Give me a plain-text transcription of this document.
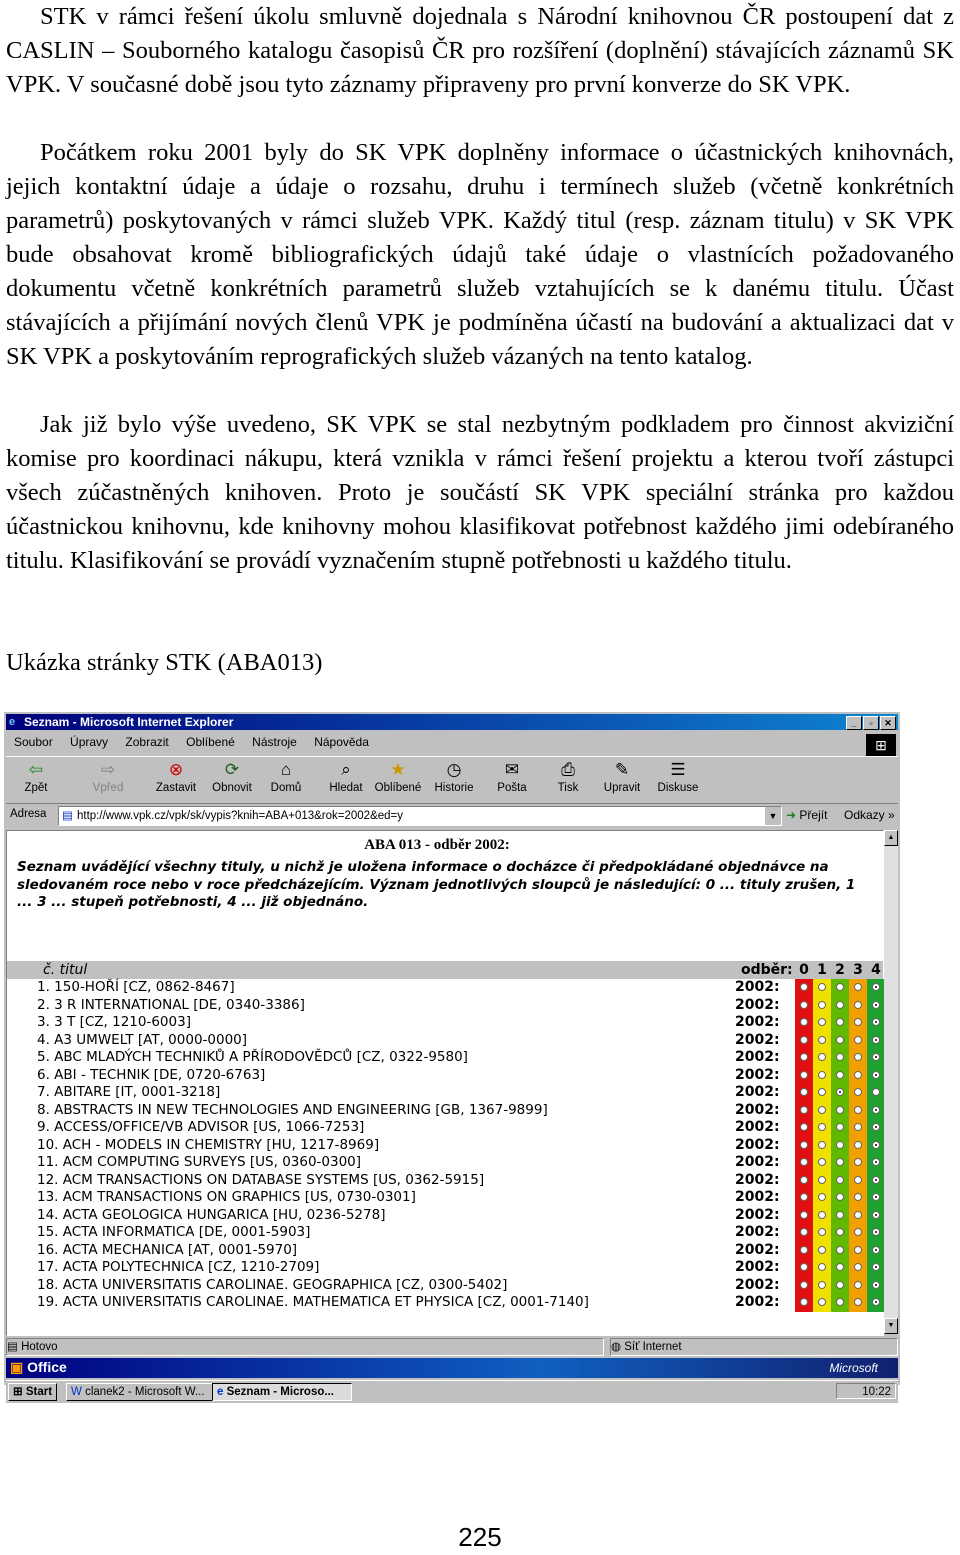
STK v rámci řešení úkolu smluvně dojednala s Národní knihovnou ČR postoupení dat z CASLIN – Souborného katalogu časopisů ČR pro rozšíření (doplnění) stávajících záznamů SK VPK. V současné době jsou tyto záznamy připraveny pro první konverze do SK VPK.

Počátkem roku 2001 byly do SK VPK doplněny informace o účastnických knihovnách, jejich kontaktní údaje a údaje o rozsahu, druhu i termínech služeb (včetně konkrétních parametrů) poskytovaných v rámci služeb VPK. Každý titul (resp. záznam titulu) v SK VPK bude obsahovat kromě bibliografických údajů také údaje o vlastnících požadovaného dokumentu včetně konkrétních parametrů služeb vztahujících se k danému titulu. Účast stávajících a přijímání nových členů VPK je podmíněna účastí na budování a aktualizaci dat v SK VPK a poskytováním reprografických služeb vázaných na tento katalog.

Jak již bylo výše uvedeno, SK VPK se stal nezbytným podkladem pro činnost akviziční komise pro koordinaci nákupu, která vznikla v rámci řešení projektu a kterou tvoří zástupci všech zúčastněných knihoven. Proto je součástí SK VPK speciální stránka pro každou účastnickou knihovnu, kde knihovny mohou klasifikovat potřebnost každého jimi odebíraného titulu. Klasifikování se provádí vyznačením stupně potřebnosti u každého titulu.

Ukázka stránky STK (ABA013)

e Seznam - Microsoft Internet Explorer	_ ▫ ✕
Soubor Úpravy Zobrazit Oblíbené Nástroje Nápověda	⊞
⇦
Zpět
⇨
Vpřed
⊗
Zastavit
⟳
Obnovit
⌂
Domů
⌕
Hledat
★
Oblíbené
◷
Historie
✉
Pošta
⎙
Tisk
✎
Upravit
☰
Diskuse
Adresa	▤ http://www.vpk.cz/vpk/sk/vypis?knih=ABA+013&rok=2002&ed=y	▼ ➜ Přejít Odkazy »
ABA 013 - odběr 2002:
Seznam uvádějící všechny tituly, u nichž je uložena informace o docházce či předpokládané objednávce na sledovaném roce nebo v roce předcházejícím. Význam jednotlivých sloupců je následující: 0 ... tituly zrušen, 1 ... 3 ... stupeň potřebnosti, 4 ... již objednáno.
č. titul	odběr: 0 1 2 3 4
1. 150-HOŘÍ [CZ, 0862-8467]	2002:
2. 3 R INTERNATIONAL [DE, 0340-3386]	2002:
3. 3 T [CZ, 1210-6003]	2002:
4. A3 UMWELT [AT, 0000-0000]	2002:
5. ABC MLADÝCH TECHNIKŮ A PŘÍRODOVĚDCŮ [CZ, 0322-9580]	2002:
6. ABI - TECHNIK [DE, 0720-6763]	2002:
7. ABITARE [IT, 0001-3218]	2002:
8. ABSTRACTS IN NEW TECHNOLOGIES AND ENGINEERING [GB, 1367-9899]	2002:
9. ACCESS/OFFICE/VB ADVISOR [US, 1066-7253]	2002:
10. ACH - MODELS IN CHEMISTRY [HU, 1217-8969]	2002:
11. ACM COMPUTING SURVEYS [US, 0360-0300]	2002:
12. ACM TRANSACTIONS ON DATABASE SYSTEMS [US, 0362-5915]	2002:
13. ACM TRANSACTIONS ON GRAPHICS [US, 0730-0301]	2002:
14. ACTA GEOLOGICA HUNGARICA [HU, 0236-5278]	2002:
15. ACTA INFORMATICA [DE, 0001-5903]	2002:
16. ACTA MECHANICA [AT, 0001-5970]	2002:
17. ACTA POLYTECHNICA [CZ, 1210-2709]	2002:
18. ACTA UNIVERSITATIS CAROLINAE. GEOGRAPHICA [CZ, 0300-5402]	2002:
19. ACTA UNIVERSITATIS CAROLINAE. MATHEMATICA ET PHYSICA [CZ, 0001-7140]	2002:
▲
▼
▤ Hotovo	◍ Síť Internet
▣ Office	Microsoft
⊞ Start	W clanek2 - Microsoft W...	e Seznam - Microso...	10:22
225
